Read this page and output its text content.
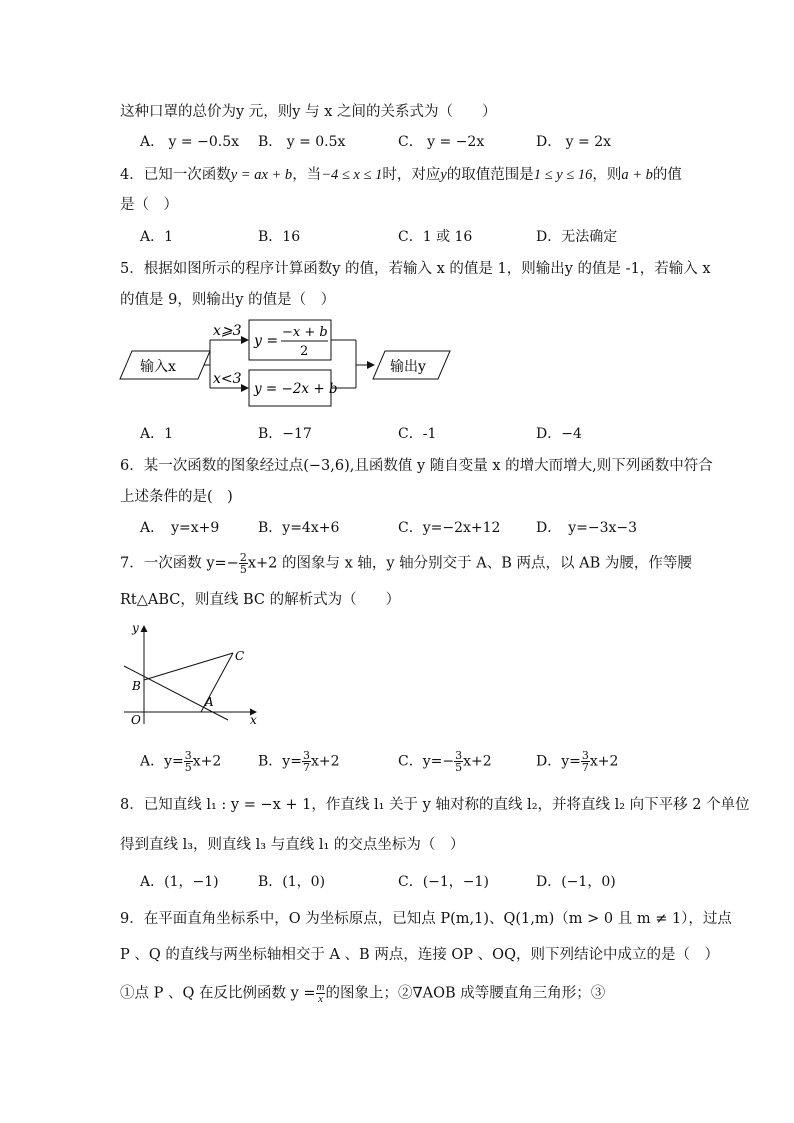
这种口罩的总价为y 元，则y 与 x 之间的关系式为（　　）
A． y = −0.5x B． y = 0.5x	C． y = −2x	D． y = 2x
4．已知一次函数y = ax + b，当−4 ≤ x ≤ 1时，对应y的取值范围是1 ≤ y ≤ 16，则a + b的值
是（　）
A．1	B．16	C．1 或 16	D．无法确定
5．根据如图所示的程序计算函数y 的值，若输入 x 的值是 1，则输出y 的值是 -1，若输入 x
的值是 9，则输出y 的值是（　）
输入x
x⩾3
x<3
y =
−x + b
2
y = −2x + b
输出y
A．1	B．−17	C．-1	D．−4
6．某一次函数的图象经过点(−3,6),且函数值 y 随自变量 x 的增大而增大,则下列函数中符合
上述条件的是(　)
A．　y=x+9	B．y=4x+6	C．y=−2x+12	D．　y=−3x−3
7．一次函数 $y=- \frac{2}{5} x+2$ 的图象与 x 轴，y 轴分别交于 A、B 两点，以 AB 为腰，作等腰
Rt△ABC，则直线 BC 的解析式为（　　）
y
x
O
B
A
C
A．$y= \frac{3}{5} x+2$	B．$y= \frac{3}{7} x+2$	C．$y=- \frac{3}{5} x+2$	D．$y= \frac{3}{7} x+2$
8．已知直线 l₁ : y = −x + 1，作直线 l₁ 关于 y 轴对称的直线 l₂，并将直线 l₂ 向下平移 2 个单位
得到直线 l₃，则直线 l₃ 与直线 l₁ 的交点坐标为（　）
A．(1，−1)	B．(1，0)	C．(−1，−1)	D．(−1，0)
9．在平面直角坐标系中，O 为坐标原点，已知点 P(m,1)、Q(1,m)（m > 0 且 m ≠ 1），过点
P 、Q 的直线与两坐标轴相交于 A 、B 两点，连接 OP 、OQ，则下列结论中成立的是（　）
①点 P 、Q 在反比例函数 $y = \frac{m}{x}$ 的图象上；②∇AOB 成等腰直角三角形；③
